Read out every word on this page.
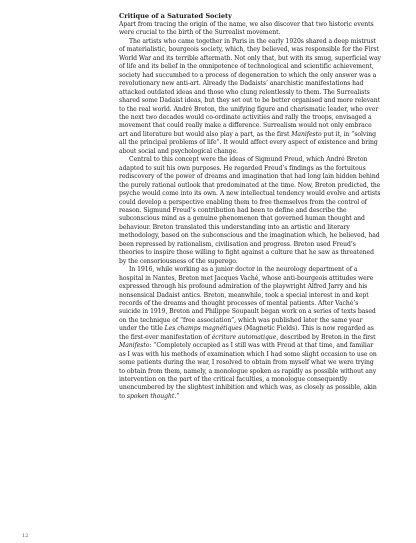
Critique of a Saturated Society

Apart from tracing the origin of the name, we also discover that two historic events were crucial to the birth of the Surrealist movement.

The artists who came together in Paris in the early 1920s shared a deep mistrust of materialistic, bourgeois society, which, they believed, was responsible for the First World War and its terrible aftermath. Not only that, but with its smug, superficial way of life and its belief in the omnipotence of technological and scientific achievement, society had succumbed to a process of degeneration to which the only answer was a revolutionary new anti-art. Already the Dadaists’ anarchistic manifestations had attacked outdated ideas and those who clung relentlessly to them. The Surrealists shared some Dadaist ideas, but they set out to be better organised and more relevant to the real world. André Breton, the unifying figure and charismatic leader, who over the next two decades would co-ordinate activities and rally the troops, envisaged a movement that could really make a difference. Surrealism would not only embrace art and literature but would also play a part, as the first Manifesto put it, in “solving all the principal problems of life”. It would affect every aspect of existence and bring about social and psychological change.

Central to this concept were the ideas of Sigmund Freud, which André Breton adapted to suit his own purposes. He regarded Freud’s findings as the fortuitous rediscovery of the power of dreams and imagination that had long lain hidden behind the purely rational outlook that predominated at the time. Now, Breton predicted, the psyche would come into its own. A new intellectual tendency would evolve and artists could develop a perspective enabling them to free themselves from the control of reason. Sigmund Freud’s contribution had been to define and describe the subconscious mind as a genuine phenomenon that governed human thought and behaviour. Breton translated this understanding into an artistic and literary methodology, based on the subconscious and the imagination which, he believed, had been repressed by rationalism, civilisation and progress. Breton used Freud’s theories to inspire those willing to fight against a culture that he saw as threatened by the censoriousness of the superego.

In 1916, while working as a junior doctor in the neurology department of a hospital in Nantes, Breton met Jacques Vaché, whose anti-bourgeois attitudes were expressed through his profound admiration of the playwright Alfred Jarry and his nonsensical Dadaist antics. Breton, meanwhile, took a special interest in and kept records of the dreams and thought processes of mental patients. After Vaché’s suicide in 1919, Breton and Philippe Soupault began work on a series of texts based on the technique of “free association”, which was published later the same year under the title Les champs magnétiques (Magnetic Fields). This is now regarded as the first-ever manifestation of écriture automatique, described by Breton in the first Manifesto: “Completely occupied as I still was with Freud at that time, and familiar as I was with his methods of examination which I had some slight occasion to use on some patients during the war, I resolved to obtain from myself what we were trying to obtain from them, namely, a monologue spoken as rapidly as possible without any intervention on the part of the critical faculties, a monologue consequently unencumbered by the slightest inhibition and which was, as closely as possible, akin to spoken thought.”

12
